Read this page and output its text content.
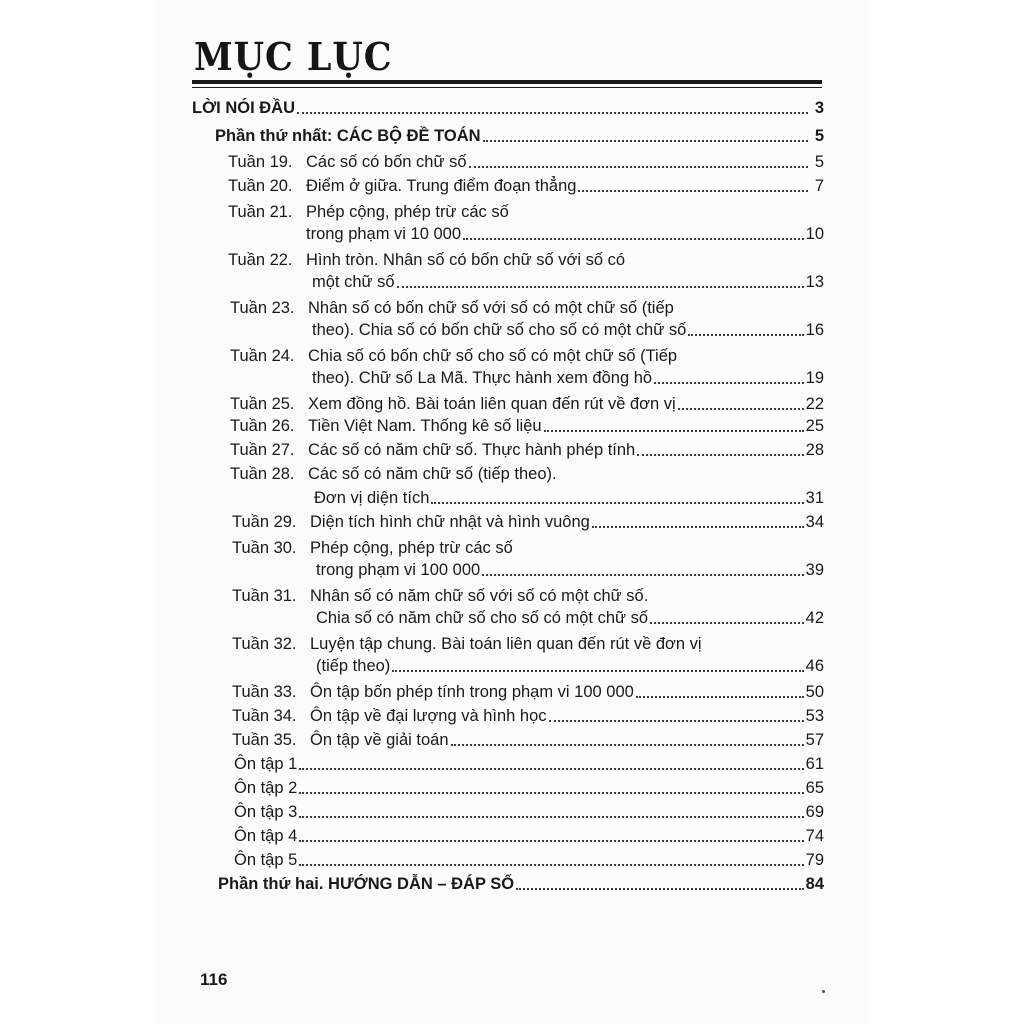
MỤC LỤC
LỜI NÓI ĐẦU	3
Phần thứ nhất: CÁC BỘ ĐỀ TOÁN	5
Tuần 19. Các số có bốn chữ số	5
Tuần 20. Điểm ở giữa. Trung điểm đoạn thẳng	7
Tuần 21. Phép cộng, phép trừ các số
trong phạm vi 10 000	10
Tuần 22. Hình tròn. Nhân số có bốn chữ số với số có
một chữ số	13
Tuần 23. Nhân số có bốn chữ số với số có một chữ số (tiếp
theo). Chia số có bốn chữ số cho số có một chữ số	16
Tuần 24. Chia số có bốn chữ số cho số có một chữ số (Tiếp
theo). Chữ số La Mã. Thực hành xem đồng hồ	19
Tuần 25. Xem đồng hồ. Bài toán liên quan đến rút về đơn vị	22
Tuần 26. Tiền Việt Nam. Thống kê số liệu	25
Tuần 27. Các số có năm chữ số. Thực hành phép tính	28
Tuần 28. Các số có năm chữ số (tiếp theo).
Đơn vị diện tích	31
Tuần 29. Diện tích hình chữ nhật và hình vuông	34
Tuần 30. Phép cộng, phép trừ các số
trong phạm vi 100 000	39
Tuần 31. Nhân số có năm chữ số với số có một chữ số.
Chia số có năm chữ số cho số có một chữ số	42
Tuần 32. Luyện tập chung. Bài toán liên quan đến rút về đơn vị
(tiếp theo)	46
Tuần 33. Ôn tập bốn phép tính trong phạm vi 100 000	50
Tuần 34. Ôn tập về đại lượng và hình học	53
Tuần 35. Ôn tập về giải toán	57
Ôn tập 1	61
Ôn tập 2	65
Ôn tập 3	69
Ôn tập 4	74
Ôn tập 5	79
Phần thứ hai. HƯỚNG DẪN – ĐÁP SỐ	84
116
